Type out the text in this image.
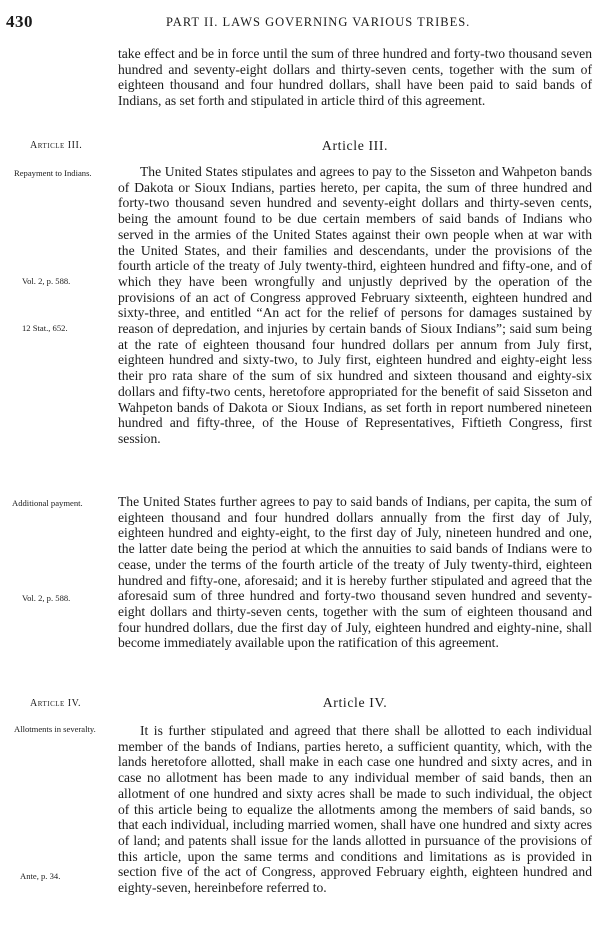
430	PART II. LAWS GOVERNING VARIOUS TRIBES.

take effect and be in force until the sum of three hundred and forty-two thousand seven hundred and seventy-eight dollars and thirty-seven cents, together with the sum of eighteen thousand and four hundred dollars, shall have been paid to said bands of Indians, as set forth and stipulated in article third of this agreement.

Article III.	Article III.
Repayment to Indians.
Vol. 2, p. 588.
12 Stat., 652.

The United States stipulates and agrees to pay to the Sisseton and Wahpeton bands of Dakota or Sioux Indians, parties hereto, per capita, the sum of three hundred and forty-two thousand seven hundred and seventy-eight dollars and thirty-seven cents, being the amount found to be due certain members of said bands of Indians who served in the armies of the United States against their own people when at war with the United States, and their families and descendants, under the provisions of the fourth article of the treaty of July twenty-third, eighteen hundred and fifty-one, and of which they have been wrongfully and unjustly deprived by the operation of the provisions of an act of Congress approved February sixteenth, eighteen hundred and sixty-three, and entitled “An act for the relief of persons for damages sustained by reason of depredation, and injuries by certain bands of Sioux Indians”; said sum being at the rate of eighteen thousand four hundred dollars per annum from July first, eighteen hundred and sixty-two, to July first, eighteen hundred and eighty-eight less their pro rata share of the sum of six hundred and sixteen thousand and eighty-six dollars and fifty-two cents, heretofore appropriated for the benefit of said Sisseton and Wahpeton bands of Dakota or Sioux Indians, as set forth in report numbered nineteen hundred and fifty-three, of the House of Representatives, Fiftieth Congress, first session.

Additional payment.
Vol. 2, p. 588.

The United States further agrees to pay to said bands of Indians, per capita, the sum of eighteen thousand and four hundred dollars annually from the first day of July, eighteen hundred and eighty-eight, to the first day of July, nineteen hundred and one, the latter date being the period at which the annuities to said bands of Indians were to cease, under the terms of the fourth article of the treaty of July twenty-third, eighteen hundred and fifty-one, aforesaid; and it is hereby further stipulated and agreed that the aforesaid sum of three hundred and forty-two thousand seven hundred and seventy-eight dollars and thirty-seven cents, together with the sum of eighteen thousand and four hundred dollars, due the first day of July, eighteen hundred and eighty-nine, shall become immediately available upon the ratification of this agreement.

Article IV.	Article IV.
Allotments in severalty.
Ante, p. 34.

It is further stipulated and agreed that there shall be allotted to each individual member of the bands of Indians, parties hereto, a sufficient quantity, which, with the lands heretofore allotted, shall make in each case one hundred and sixty acres, and in case no allotment has been made to any individual member of said bands, then an allotment of one hundred and sixty acres shall be made to such individual, the object of this article being to equalize the allotments among the members of said bands, so that each individual, including married women, shall have one hundred and sixty acres of land; and patents shall issue for the lands allotted in pursuance of the provisions of this article, upon the same terms and conditions and limitations as is provided in section five of the act of Congress, approved February eighth, eighteen hundred and eighty-seven, hereinbefore referred to.
